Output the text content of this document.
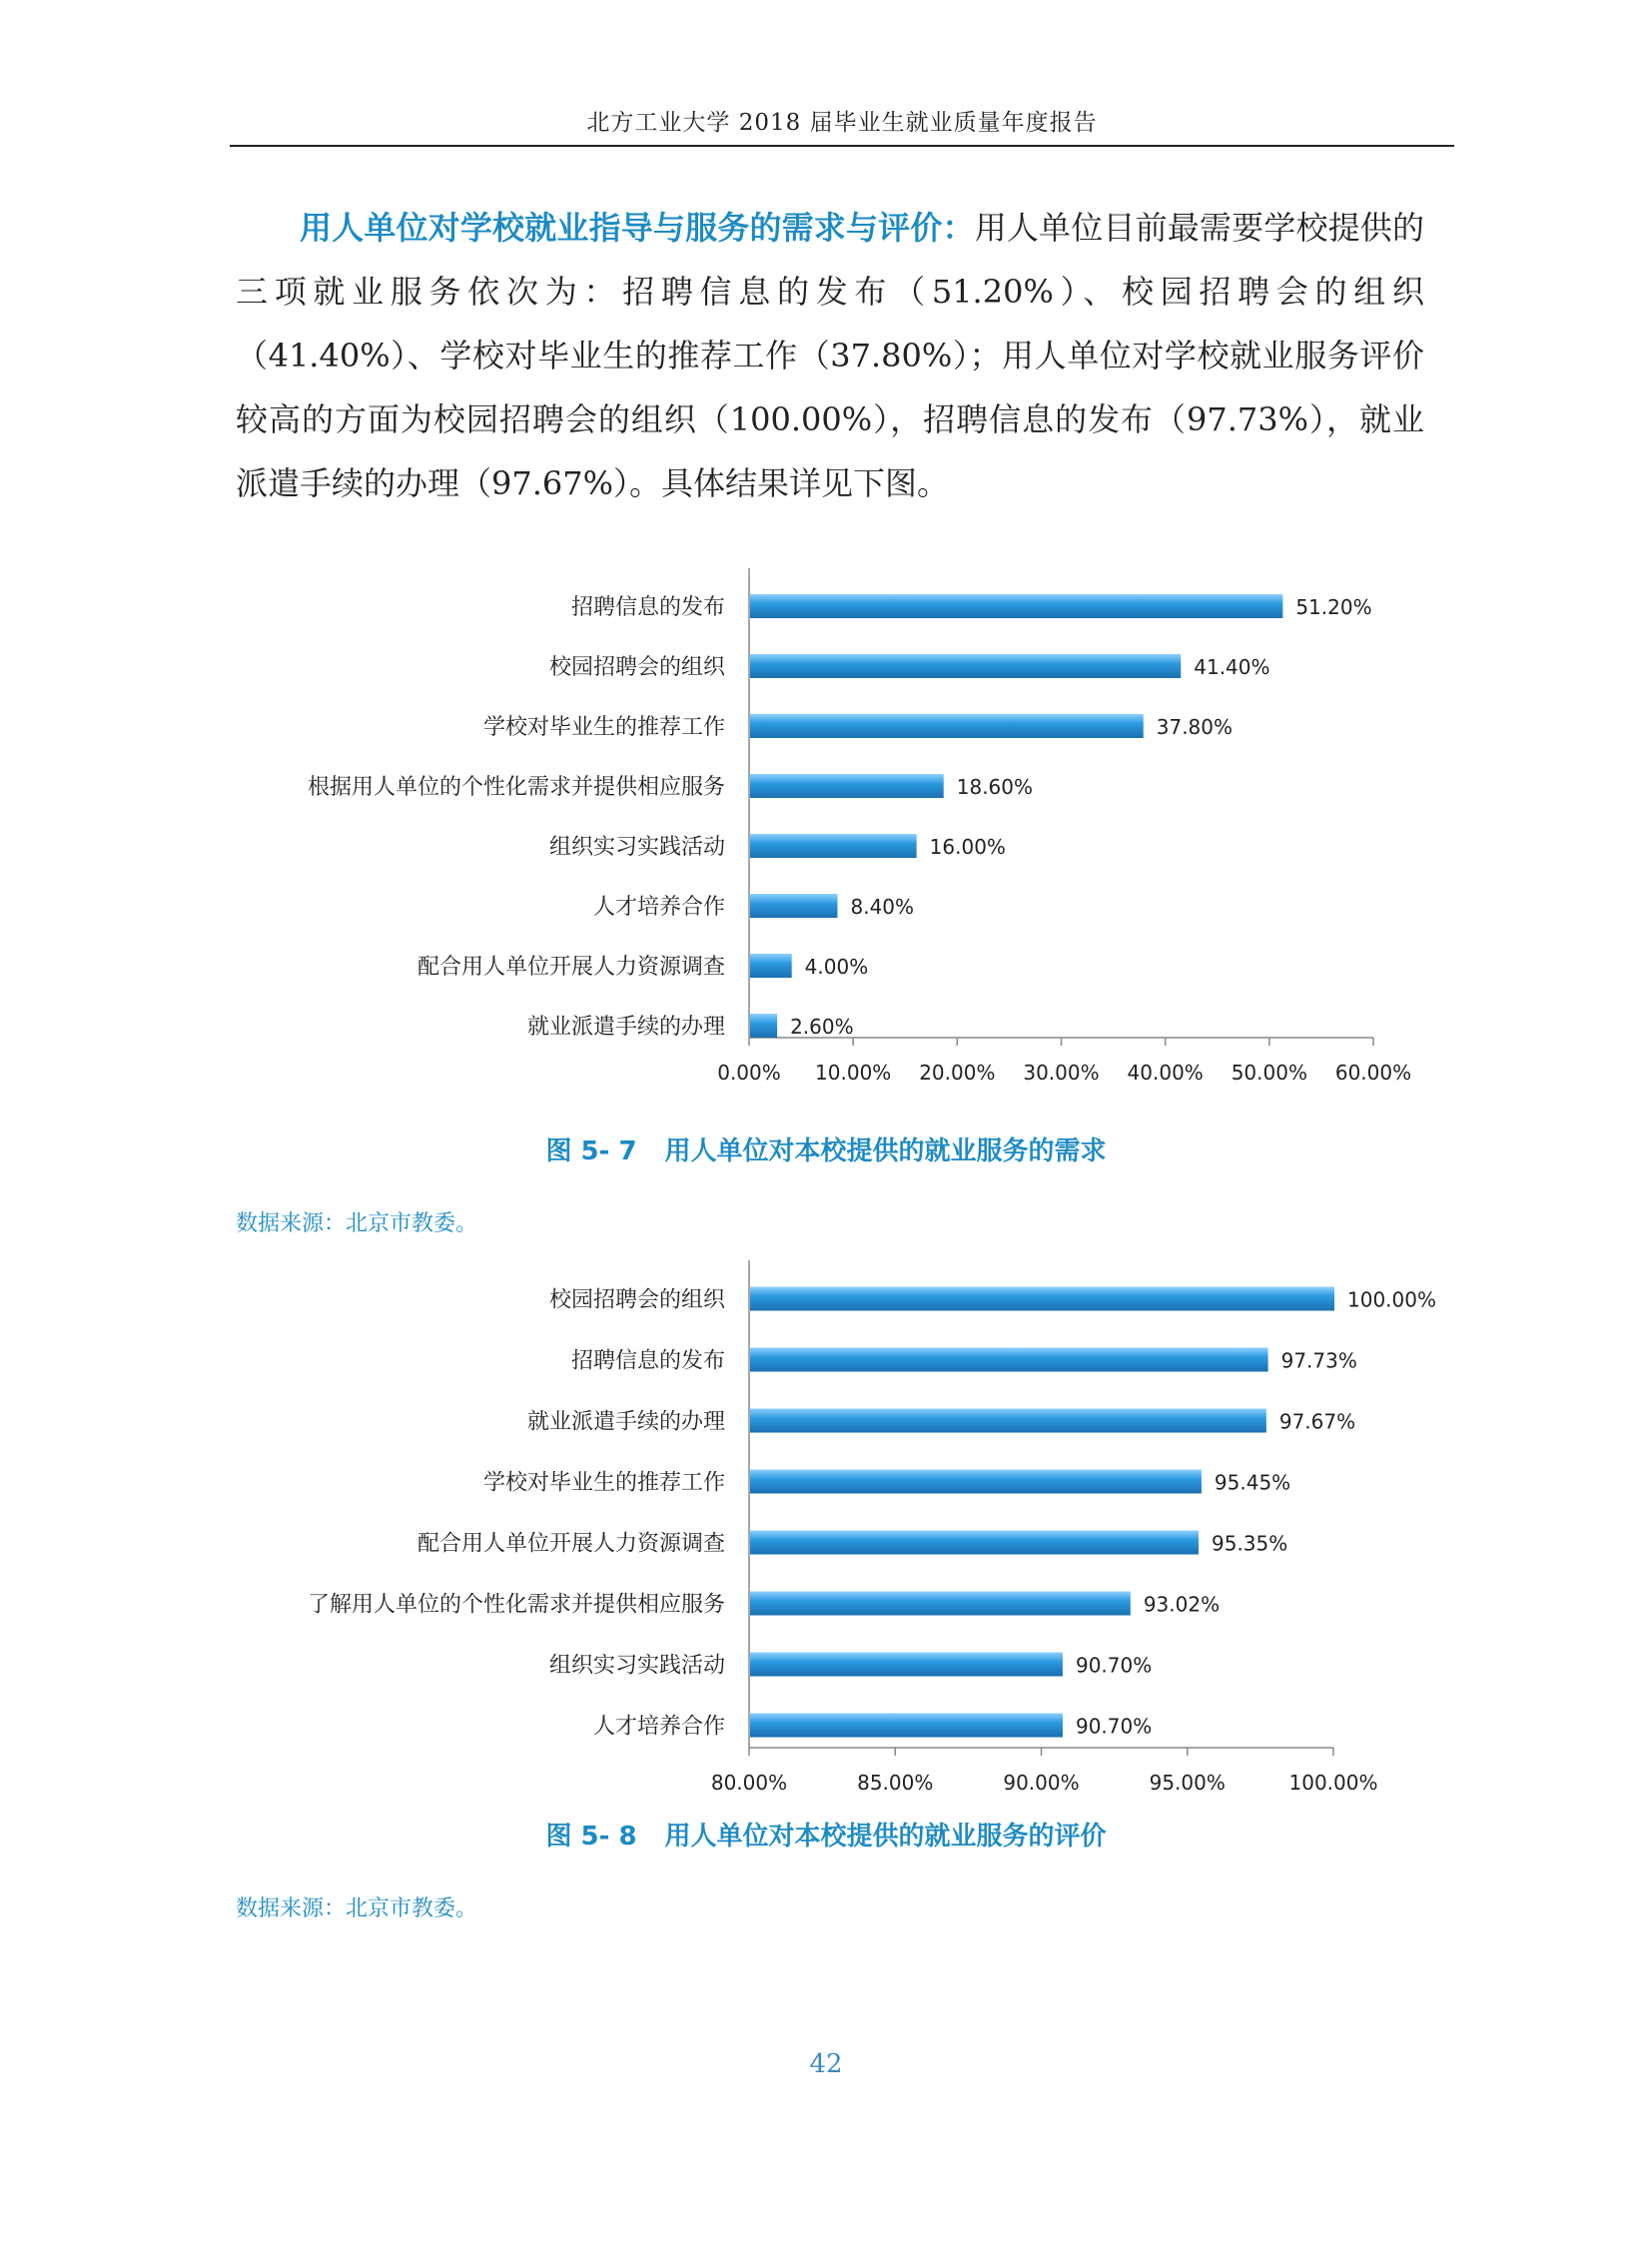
北方工业大学 2018 届毕业生就业质量年度报告
用人单位对学校就业指导与服务的需求与评价：用人单位目前最需要学校提供的三项就业服务依次为：招聘信息的发布（51.20%）、校园招聘会的组织（41.40%）、学校对毕业生的推荐工作（37.80%）；用人单位对学校就业服务评价较高的方面为校园招聘会的组织（100.00%），招聘信息的发布（97.73%），就业派遣手续的办理（97.67%）。具体结果详见下图。
0.00% 10.00% 20.00% 30.00% 40.00% 50.00% 60.00%
招聘信息的发布	51.20%
校园招聘会的组织	41.40%
学校对毕业生的推荐工作	37.80%
根据用人单位的个性化需求并提供相应服务	18.60%
组织实习实践活动	16.00%
人才培养合作	8.40%
配合用人单位开展人力资源调查	4.00%
就业派遣手续的办理	2.60%
图 5- 7 用人单位对本校提供的就业服务的需求
数据来源：北京市教委。
80.00%	85.00%	90.00%	95.00%	100.00%
校园招聘会的组织	100.00%
招聘信息的发布	97.73%
就业派遣手续的办理	97.67%
学校对毕业生的推荐工作	95.45%
配合用人单位开展人力资源调查	95.35%
了解用人单位的个性化需求并提供相应服务	93.02%
组织实习实践活动	90.70%
人才培养合作	90.70%
图 5- 8 用人单位对本校提供的就业服务的评价
数据来源：北京市教委。
42
